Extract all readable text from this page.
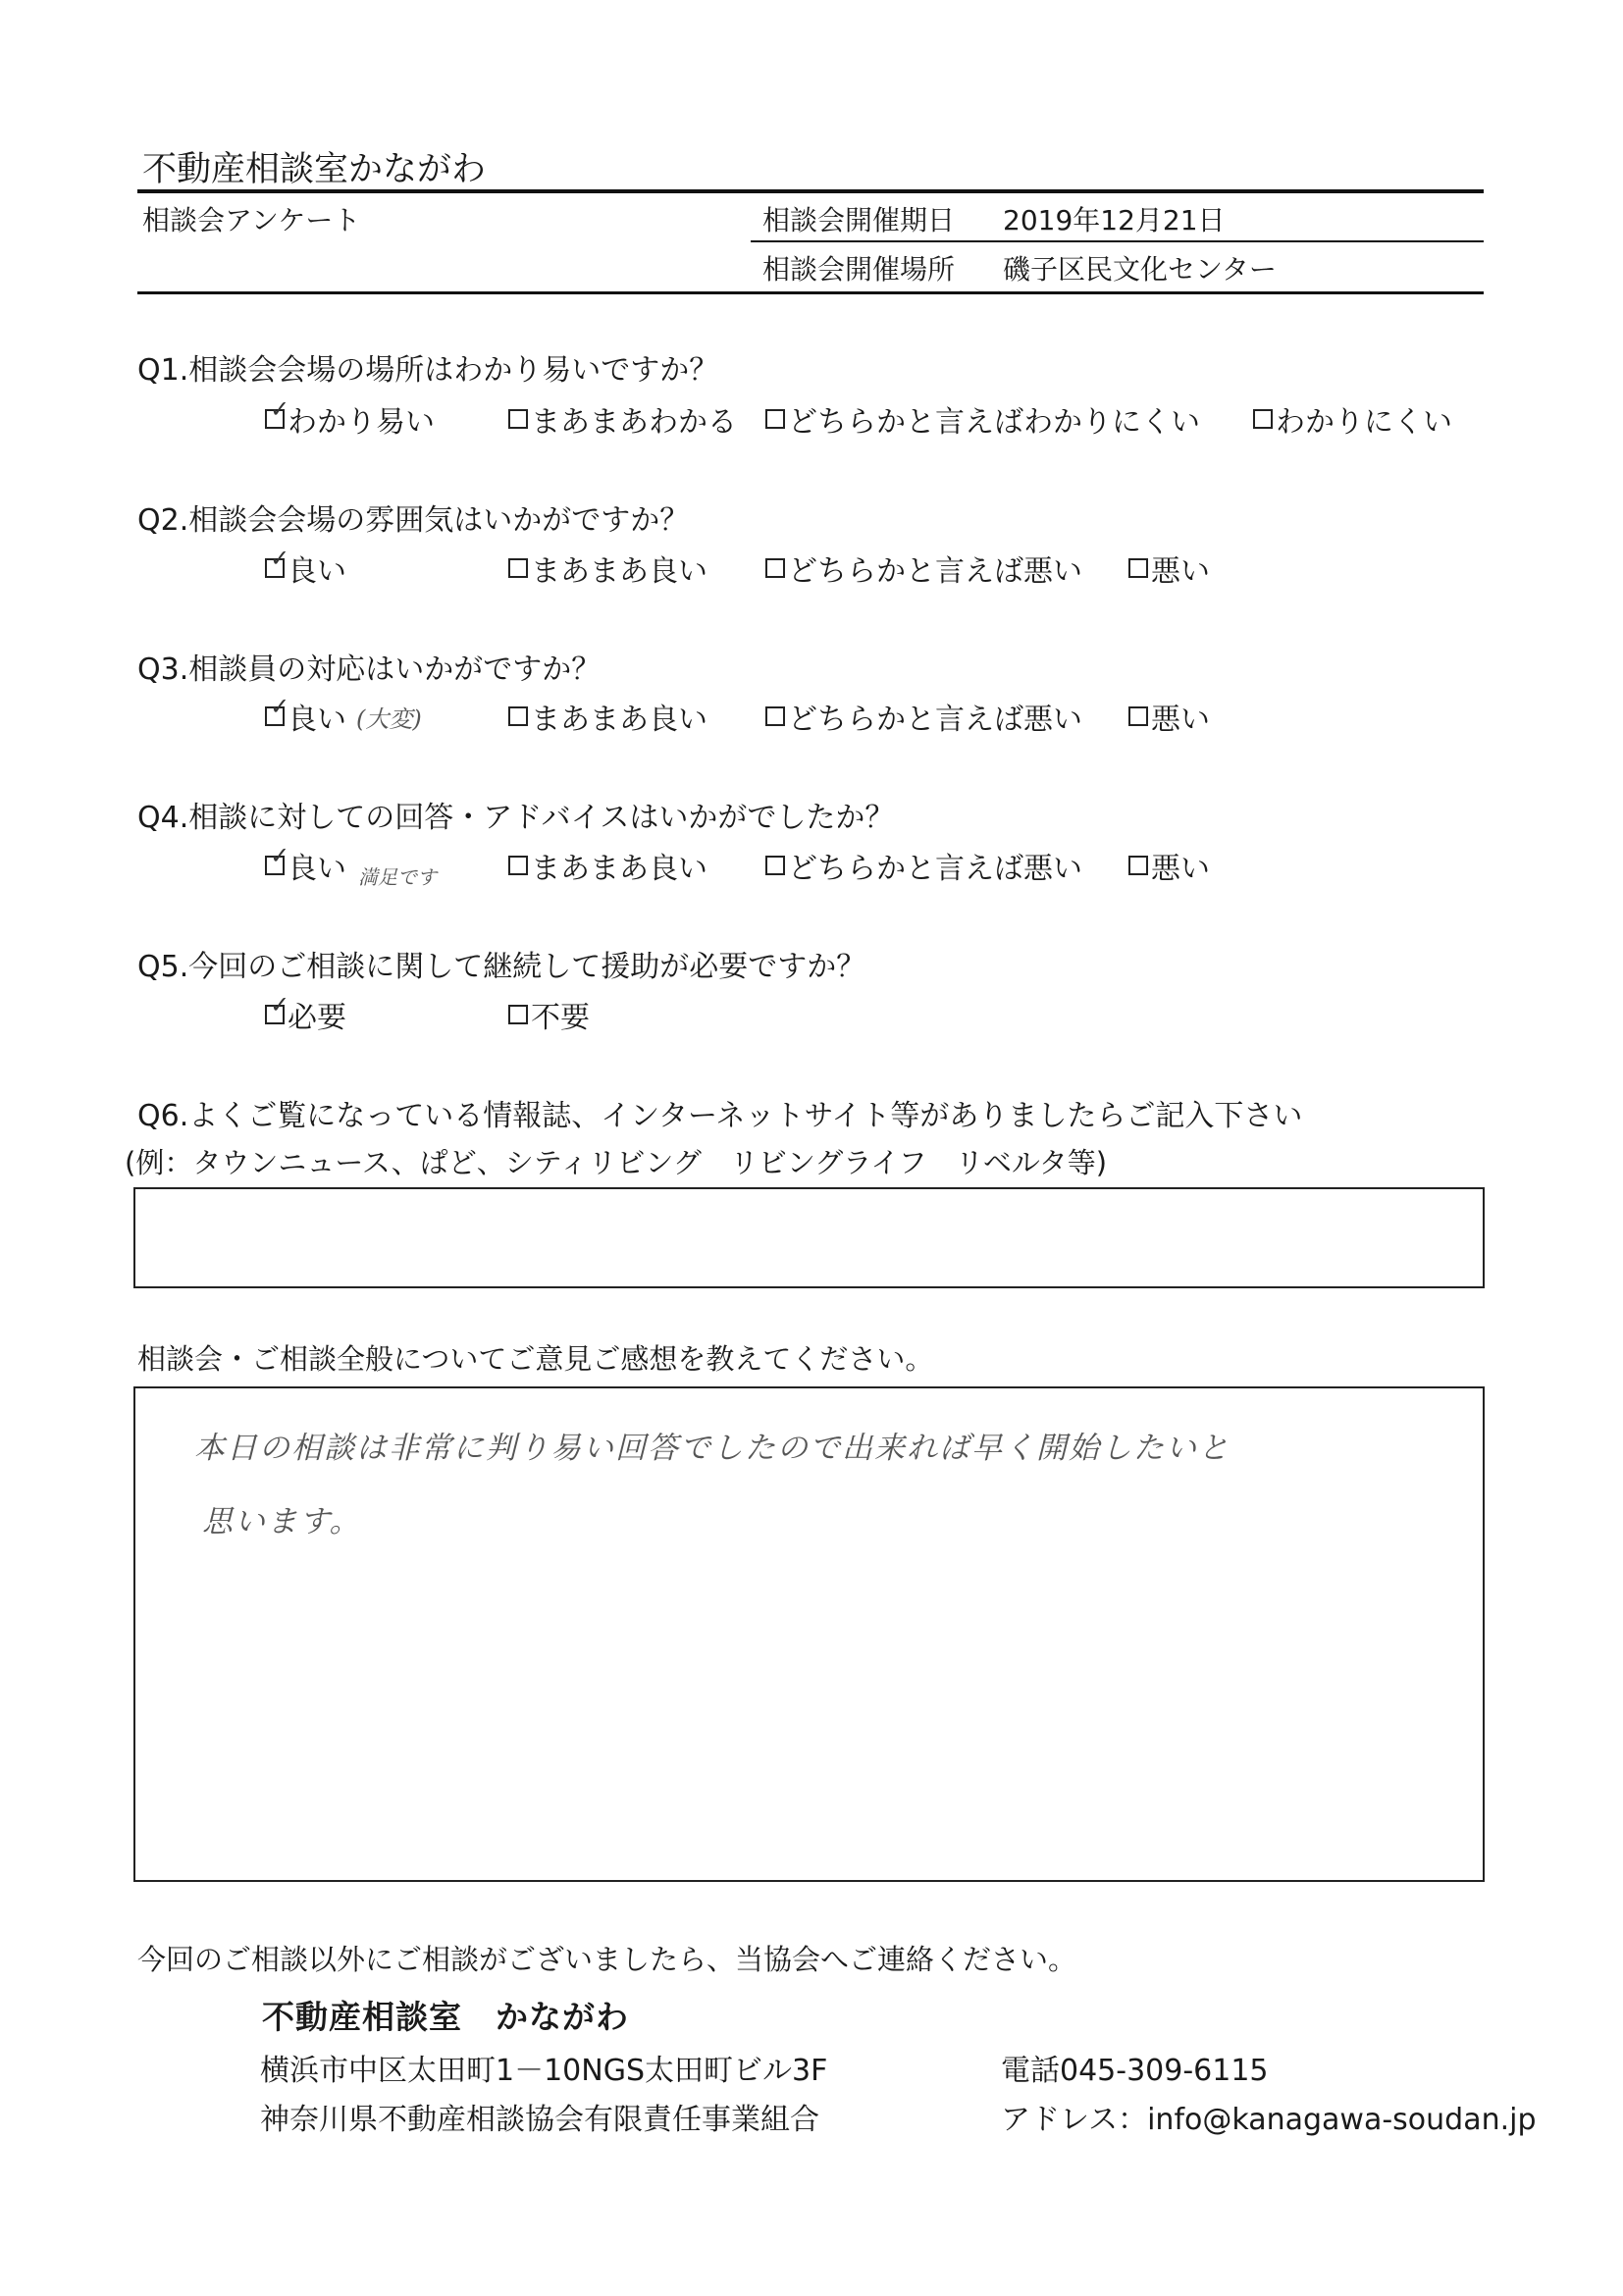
不動産相談室かながわ
相談会アンケート	相談会開催期日 2019年12月21日
相談会開催場所 磯子区民文化センター
Q1.相談会会場の場所はわかり易いですか？
✓
わかり易い	まあまあわかる どちらかと言えばわかりにくい	わかりにくい
Q2.相談会会場の雰囲気はいかがですか？
✓
良い	まあまあ良い	どちらかと言えば悪い 悪い
Q3.相談員の対応はいかがですか？
✓
良い (大変)	まあまあ良い	どちらかと言えば悪い 悪い
Q4.相談に対しての回答・アドバイスはいかがでしたか？
✓
良い 満足です	まあまあ良い	どちらかと言えば悪い 悪い
Q5.今回のご相談に関して継続して援助が必要ですか？
✓
必要	不要
Q6.よくご覧になっている情報誌、インターネットサイト等がありましたらご記入下さい
(例：タウンニュース、ぱど、シティリビング　リビングライフ　リベルタ等)
相談会・ご相談全般についてご意見ご感想を教えてください。
本日の相談は非常に判り易い回答でしたので出来れば早く開始したいと
思います。
今回のご相談以外にご相談がございましたら、当協会へご連絡ください。
不動産相談室　かながわ
横浜市中区太田町1－10NGS太田町ビル3F	電話045-309-6115
神奈川県不動産相談協会有限責任事業組合	アドレス：info@kanagawa-soudan.jp
